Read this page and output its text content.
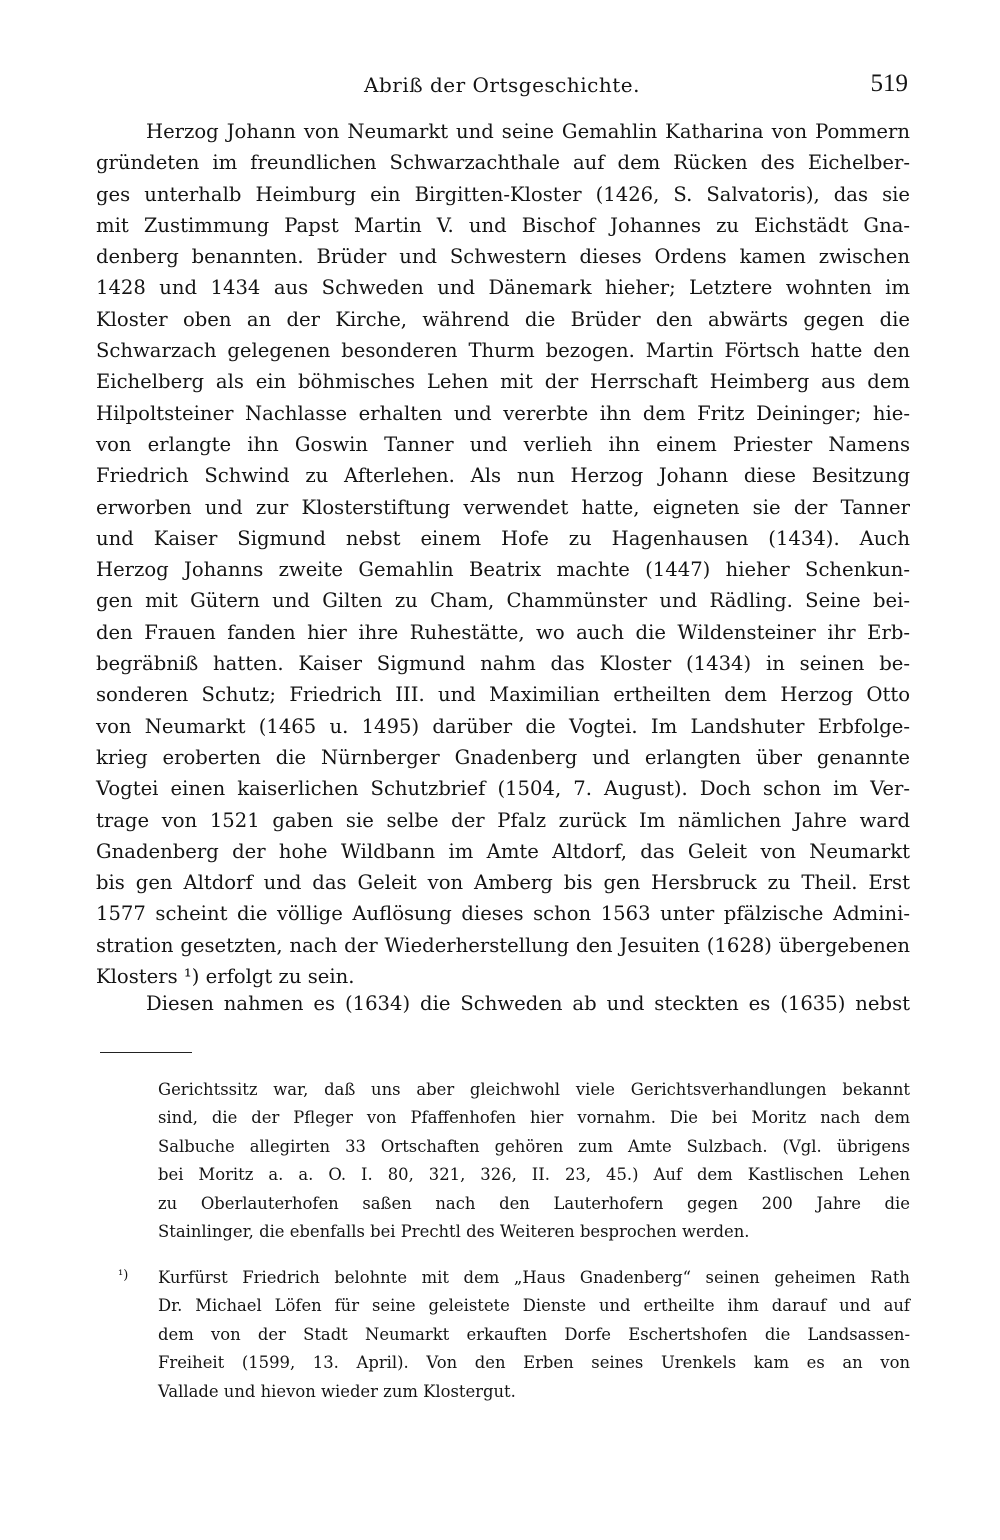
Abriß der Ortsgeschichte.	519
Herzog Johann von Neumarkt und seine Gemahlin Katharina von Pommern
gründeten im freundlichen Schwarzachthale auf dem Rücken des Eichelber-
ges unterhalb Heimburg ein Birgitten-Kloster (1426, S. Salvatoris), das sie
mit Zustimmung Papst Martin V. und Bischof Johannes zu Eichstädt Gna-
denberg benannten. Brüder und Schwestern dieses Ordens kamen zwischen
1428 und 1434 aus Schweden und Dänemark hieher; Letztere wohnten im
Kloster oben an der Kirche, während die Brüder den abwärts gegen die
Schwarzach gelegenen besonderen Thurm bezogen. Martin Förtsch hatte den
Eichelberg als ein böhmisches Lehen mit der Herrschaft Heimberg aus dem
Hilpoltsteiner Nachlasse erhalten und vererbte ihn dem Fritz Deininger; hie-
von erlangte ihn Goswin Tanner und verlieh ihn einem Priester Namens
Friedrich Schwind zu Afterlehen. Als nun Herzog Johann diese Besitzung
erworben und zur Klosterstiftung verwendet hatte, eigneten sie der Tanner
und Kaiser Sigmund nebst einem Hofe zu Hagenhausen (1434). Auch
Herzog Johanns zweite Gemahlin Beatrix machte (1447) hieher Schenkun-
gen mit Gütern und Gilten zu Cham, Chammünster und Rädling. Seine bei-
den Frauen fanden hier ihre Ruhestätte, wo auch die Wildensteiner ihr Erb-
begräbniß hatten. Kaiser Sigmund nahm das Kloster (1434) in seinen be-
sonderen Schutz; Friedrich III. und Maximilian ertheilten dem Herzog Otto
von Neumarkt (1465 u. 1495) darüber die Vogtei. Im Landshuter Erbfolge-
krieg eroberten die Nürnberger Gnadenberg und erlangten über genannte
Vogtei einen kaiserlichen Schutzbrief (1504, 7. August). Doch schon im Ver-
trage von 1521 gaben sie selbe der Pfalz zurück Im nämlichen Jahre ward
Gnadenberg der hohe Wildbann im Amte Altdorf, das Geleit von Neumarkt
bis gen Altdorf und das Geleit von Amberg bis gen Hersbruck zu Theil. Erst
1577 scheint die völlige Auflösung dieses schon 1563 unter pfälzische Admini-
stration gesetzten, nach der Wiederherstellung den Jesuiten (1628) übergebenen
Klosters ¹) erfolgt zu sein.
Diesen nahmen es (1634) die Schweden ab und steckten es (1635) nebst
Gerichtssitz war, daß uns aber gleichwohl viele Gerichtsverhandlungen bekannt
sind, die der Pfleger von Pfaffenhofen hier vornahm. Die bei Moritz nach dem
Salbuche allegirten 33 Ortschaften gehören zum Amte Sulzbach. (Vgl. übrigens
bei Moritz a. a. O. I. 80, 321, 326, II. 23, 45.) Auf dem Kastlischen Lehen
zu Oberlauterhofen saßen nach den Lauterhofern gegen 200 Jahre die
Stainlinger, die ebenfalls bei Prechtl des Weiteren besprochen werden.
¹) Kurfürst Friedrich belohnte mit dem „Haus Gnadenberg“ seinen geheimen Rath
Dr. Michael Löfen für seine geleistete Dienste und ertheilte ihm darauf und auf
dem von der Stadt Neumarkt erkauften Dorfe Eschertshofen die Landsassen-
Freiheit (1599, 13. April). Von den Erben seines Urenkels kam es an von
Vallade und hievon wieder zum Klostergut.
